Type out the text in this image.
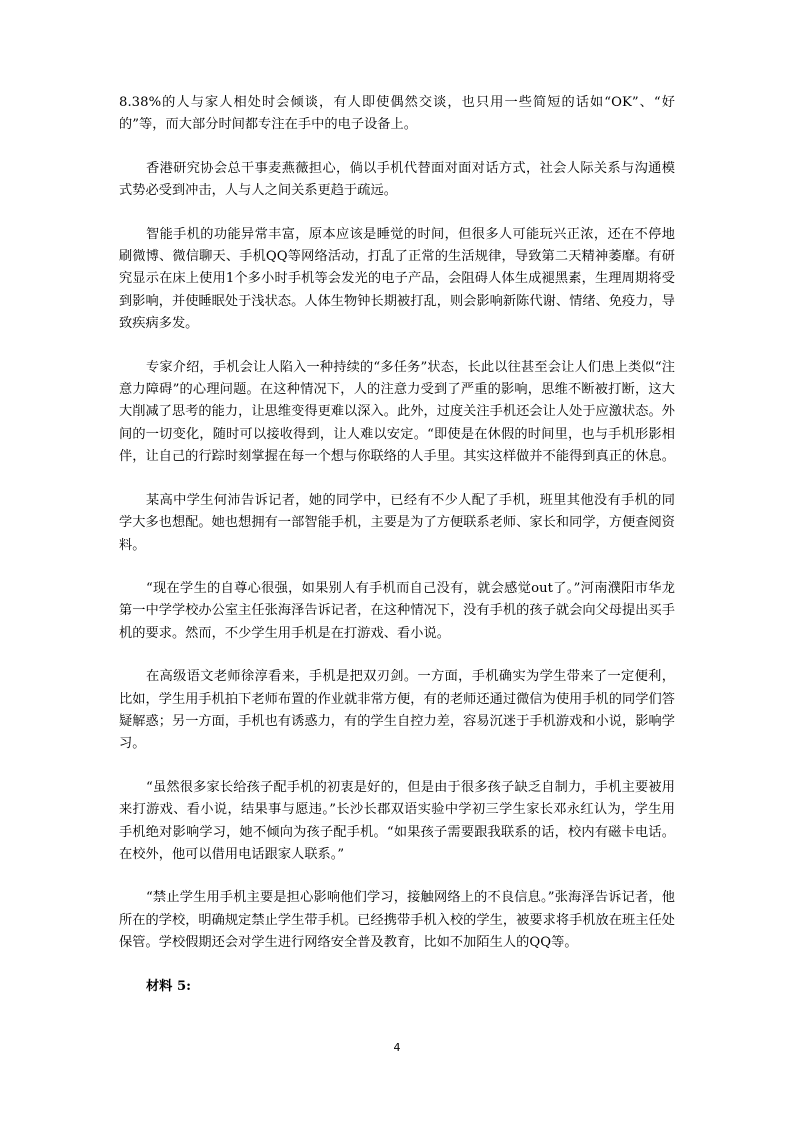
8.38%的人与家人相处时会倾谈，有人即使偶然交谈，也只用一些简短的话如“OK”、“好的”等，而大部分时间都专注在手中的电子设备上。

香港研究协会总干事麦燕薇担心，倘以手机代替面对面对话方式，社会人际关系与沟通模式势必受到冲击，人与人之间关系更趋于疏远。

智能手机的功能异常丰富，原本应该是睡觉的时间，但很多人可能玩兴正浓，还在不停地刷微博、微信聊天、手机QQ等网络活动，打乱了正常的生活规律，导致第二天精神萎靡。有研究显示在床上使用1个多小时手机等会发光的电子产品，会阻碍人体生成褪黑素，生理周期将受到影响，并使睡眠处于浅状态。人体生物钟长期被打乱，则会影响新陈代谢、情绪、免疫力，导致疾病多发。

专家介绍，手机会让人陷入一种持续的“多任务”状态，长此以往甚至会让人们患上类似“注意力障碍”的心理问题。在这种情况下，人的注意力受到了严重的影响，思维不断被打断，这大大削减了思考的能力，让思维变得更难以深入。此外，过度关注手机还会让人处于应激状态。外间的一切变化，随时可以接收得到，让人难以安定。“即使是在休假的时间里，也与手机形影相伴，让自己的行踪时刻掌握在每一个想与你联络的人手里。其实这样做并不能得到真正的休息。

某高中学生何沛告诉记者，她的同学中，已经有不少人配了手机，班里其他没有手机的同学大多也想配。她也想拥有一部智能手机，主要是为了方便联系老师、家长和同学，方便查阅资料。

“现在学生的自尊心很强，如果别人有手机而自己没有，就会感觉out了。”河南濮阳市华龙第一中学学校办公室主任张海泽告诉记者，在这种情况下，没有手机的孩子就会向父母提出买手机的要求。然而，不少学生用手机是在打游戏、看小说。

在高级语文老师徐淳看来，手机是把双刃剑。一方面，手机确实为学生带来了一定便利，比如，学生用手机拍下老师布置的作业就非常方便，有的老师还通过微信为使用手机的同学们答疑解惑；另一方面，手机也有诱惑力，有的学生自控力差，容易沉迷于手机游戏和小说，影响学习。

“虽然很多家长给孩子配手机的初衷是好的，但是由于很多孩子缺乏自制力，手机主要被用来打游戏、看小说，结果事与愿违。”长沙长郡双语实验中学初三学生家长邓永红认为，学生用手机绝对影响学习，她不倾向为孩子配手机。“如果孩子需要跟我联系的话，校内有磁卡电话。在校外，他可以借用电话跟家人联系。”

“禁止学生用手机主要是担心影响他们学习，接触网络上的不良信息。”张海泽告诉记者，他所在的学校，明确规定禁止学生带手机。已经携带手机入校的学生，被要求将手机放在班主任处保管。学校假期还会对学生进行网络安全普及教育，比如不加陌生人的QQ等。

材料 5:

4
